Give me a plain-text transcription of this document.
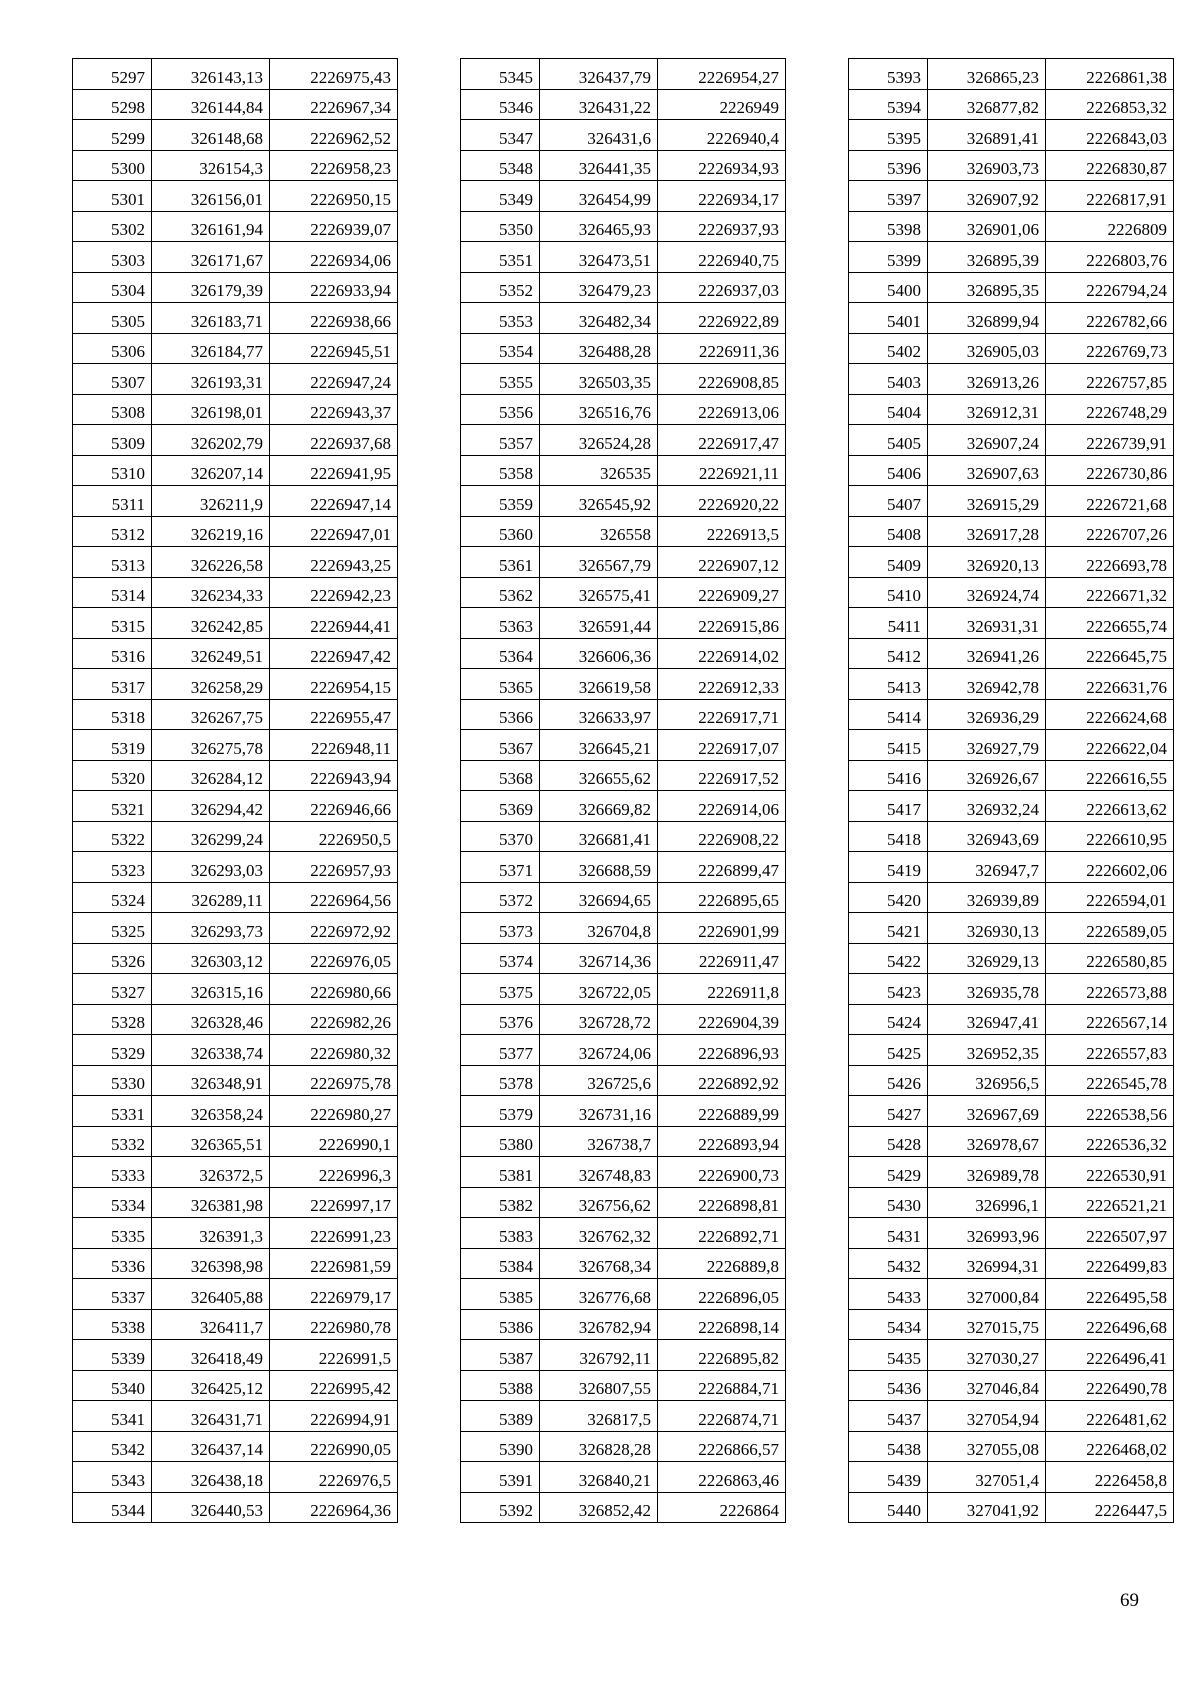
5297	326143,13	2226975,43
5298	326144,84	2226967,34
5299	326148,68	2226962,52
5300	326154,3	2226958,23
5301	326156,01	2226950,15
5302	326161,94	2226939,07
5303	326171,67	2226934,06
5304	326179,39	2226933,94
5305	326183,71	2226938,66
5306	326184,77	2226945,51
5307	326193,31	2226947,24
5308	326198,01	2226943,37
5309	326202,79	2226937,68
5310	326207,14	2226941,95
5311	326211,9	2226947,14
5312	326219,16	2226947,01
5313	326226,58	2226943,25
5314	326234,33	2226942,23
5315	326242,85	2226944,41
5316	326249,51	2226947,42
5317	326258,29	2226954,15
5318	326267,75	2226955,47
5319	326275,78	2226948,11
5320	326284,12	2226943,94
5321	326294,42	2226946,66
5322	326299,24	2226950,5
5323	326293,03	2226957,93
5324	326289,11	2226964,56
5325	326293,73	2226972,92
5326	326303,12	2226976,05
5327	326315,16	2226980,66
5328	326328,46	2226982,26
5329	326338,74	2226980,32
5330	326348,91	2226975,78
5331	326358,24	2226980,27
5332	326365,51	2226990,1
5333	326372,5	2226996,3
5334	326381,98	2226997,17
5335	326391,3	2226991,23
5336	326398,98	2226981,59
5337	326405,88	2226979,17
5338	326411,7	2226980,78
5339	326418,49	2226991,5
5340	326425,12	2226995,42
5341	326431,71	2226994,91
5342	326437,14	2226990,05
5343	326438,18	2226976,5
5344	326440,53	2226964,36
5345	326437,79	2226954,27
5346	326431,22	2226949
5347	326431,6	2226940,4
5348	326441,35	2226934,93
5349	326454,99	2226934,17
5350	326465,93	2226937,93
5351	326473,51	2226940,75
5352	326479,23	2226937,03
5353	326482,34	2226922,89
5354	326488,28	2226911,36
5355	326503,35	2226908,85
5356	326516,76	2226913,06
5357	326524,28	2226917,47
5358	326535	2226921,11
5359	326545,92	2226920,22
5360	326558	2226913,5
5361	326567,79	2226907,12
5362	326575,41	2226909,27
5363	326591,44	2226915,86
5364	326606,36	2226914,02
5365	326619,58	2226912,33
5366	326633,97	2226917,71
5367	326645,21	2226917,07
5368	326655,62	2226917,52
5369	326669,82	2226914,06
5370	326681,41	2226908,22
5371	326688,59	2226899,47
5372	326694,65	2226895,65
5373	326704,8	2226901,99
5374	326714,36	2226911,47
5375	326722,05	2226911,8
5376	326728,72	2226904,39
5377	326724,06	2226896,93
5378	326725,6	2226892,92
5379	326731,16	2226889,99
5380	326738,7	2226893,94
5381	326748,83	2226900,73
5382	326756,62	2226898,81
5383	326762,32	2226892,71
5384	326768,34	2226889,8
5385	326776,68	2226896,05
5386	326782,94	2226898,14
5387	326792,11	2226895,82
5388	326807,55	2226884,71
5389	326817,5	2226874,71
5390	326828,28	2226866,57
5391	326840,21	2226863,46
5392	326852,42	2226864
5393	326865,23	2226861,38
5394	326877,82	2226853,32
5395	326891,41	2226843,03
5396	326903,73	2226830,87
5397	326907,92	2226817,91
5398	326901,06	2226809
5399	326895,39	2226803,76
5400	326895,35	2226794,24
5401	326899,94	2226782,66
5402	326905,03	2226769,73
5403	326913,26	2226757,85
5404	326912,31	2226748,29
5405	326907,24	2226739,91
5406	326907,63	2226730,86
5407	326915,29	2226721,68
5408	326917,28	2226707,26
5409	326920,13	2226693,78
5410	326924,74	2226671,32
5411	326931,31	2226655,74
5412	326941,26	2226645,75
5413	326942,78	2226631,76
5414	326936,29	2226624,68
5415	326927,79	2226622,04
5416	326926,67	2226616,55
5417	326932,24	2226613,62
5418	326943,69	2226610,95
5419	326947,7	2226602,06
5420	326939,89	2226594,01
5421	326930,13	2226589,05
5422	326929,13	2226580,85
5423	326935,78	2226573,88
5424	326947,41	2226567,14
5425	326952,35	2226557,83
5426	326956,5	2226545,78
5427	326967,69	2226538,56
5428	326978,67	2226536,32
5429	326989,78	2226530,91
5430	326996,1	2226521,21
5431	326993,96	2226507,97
5432	326994,31	2226499,83
5433	327000,84	2226495,58
5434	327015,75	2226496,68
5435	327030,27	2226496,41
5436	327046,84	2226490,78
5437	327054,94	2226481,62
5438	327055,08	2226468,02
5439	327051,4	2226458,8
5440	327041,92	2226447,5
69
